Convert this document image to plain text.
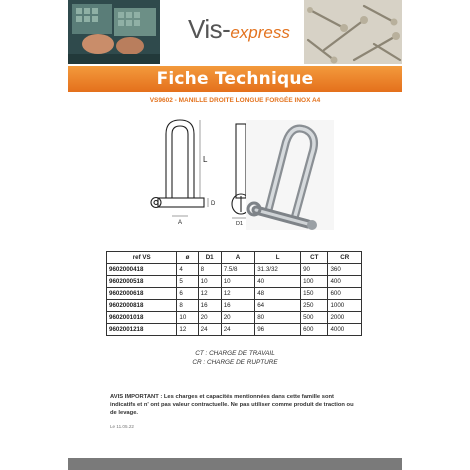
Vis-express
Fiche Technique
VS9602 - MANILLE DROITE LONGUE FORGÉE INOX A4
L
D
A	D1
ref VS	ø	D1	A	L	CT	CR
9602000418	4	8	7.5/8	31.3/32	90	360
9602000518	5	10	10	40	100	400
9602000618	6	12	12	48	150	600
9602000818	8	16	16	64	250	1000
9602001018	10	20	20	80	500	2000
9602001218	12	24	24	96	600	4000
CT : CHARGE DE TRAVAIL
CR : CHARGE DE RUPTURE
AVIS IMPORTANT : Les charges et capacités mentionnées dans cette famille sont indicatifs et n' ont pas valeur contractuelle. Ne pas utiliser comme produit de traction ou de levage.
Le 11.05.22
